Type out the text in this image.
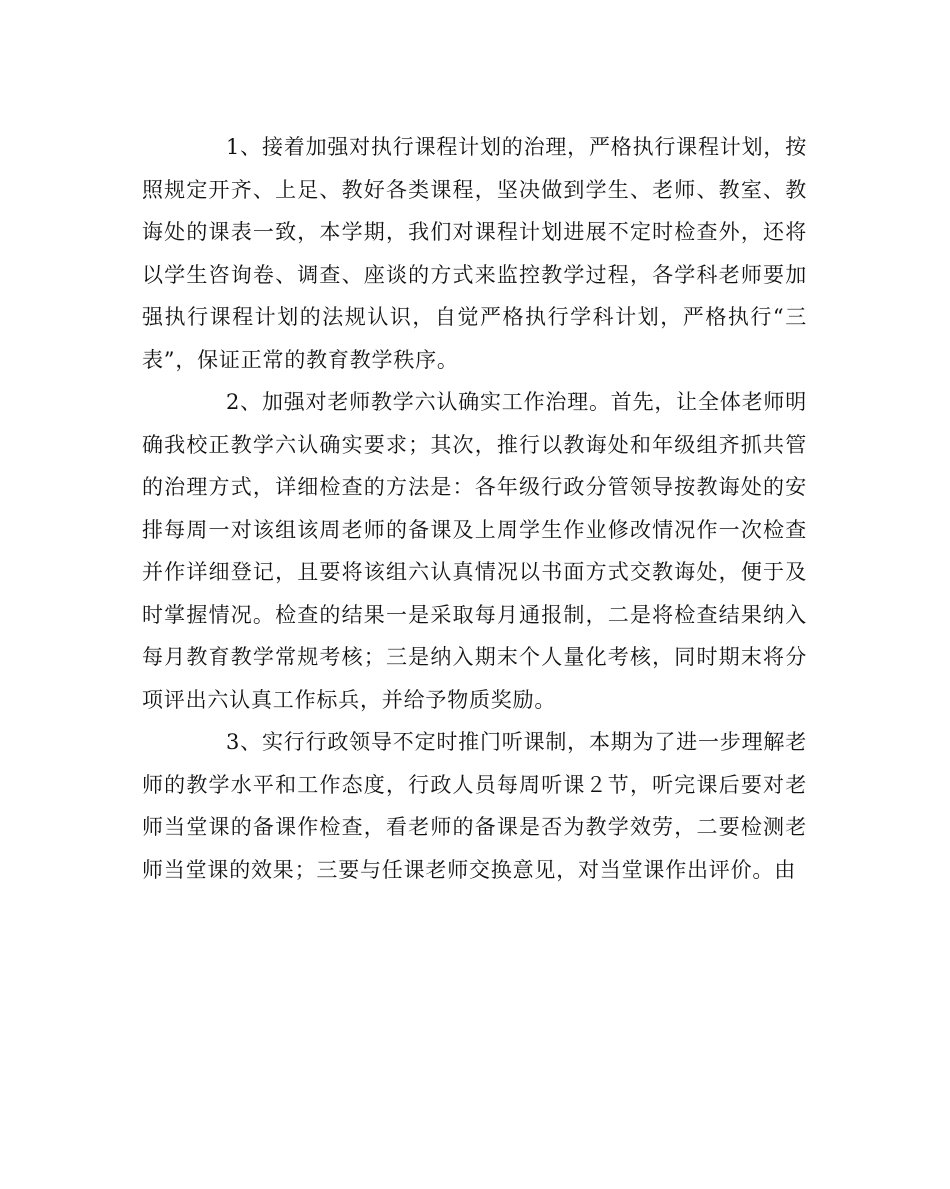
1、接着加强对执行课程计划的治理，严格执行课程计划，按照规定开齐、上足、教好各类课程，坚决做到学生、老师、教室、教诲处的课表一致，本学期，我们对课程计划进展不定时检查外，还将以学生咨询卷、调查、座谈的方式来监控教学过程，各学科老师要加强执行课程计划的法规认识，自觉严格执行学科计划，严格执行“三表”，保证正常的教育教学秩序。

2、加强对老师教学六认确实工作治理。首先，让全体老师明确我校正教学六认确实要求；其次，推行以教诲处和年级组齐抓共管的治理方式，详细检查的方法是：各年级行政分管领导按教诲处的安排每周一对该组该周老师的备课及上周学生作业修改情况作一次检查并作详细登记，且要将该组六认真情况以书面方式交教诲处，便于及时掌握情况。检查的结果一是采取每月通报制，二是将检查结果纳入每月教育教学常规考核；三是纳入期末个人量化考核，同时期末将分项评出六认真工作标兵，并给予物质奖励。

3、实行行政领导不定时推门听课制，本期为了进一步理解老师的教学水平和工作态度，行政人员每周听课２节，听完课后要对老师当堂课的备课作检查，看老师的备课是否为教学效劳，二要检测老师当堂课的效果；三要与任课老师交换意见，对当堂课作出评价。由
